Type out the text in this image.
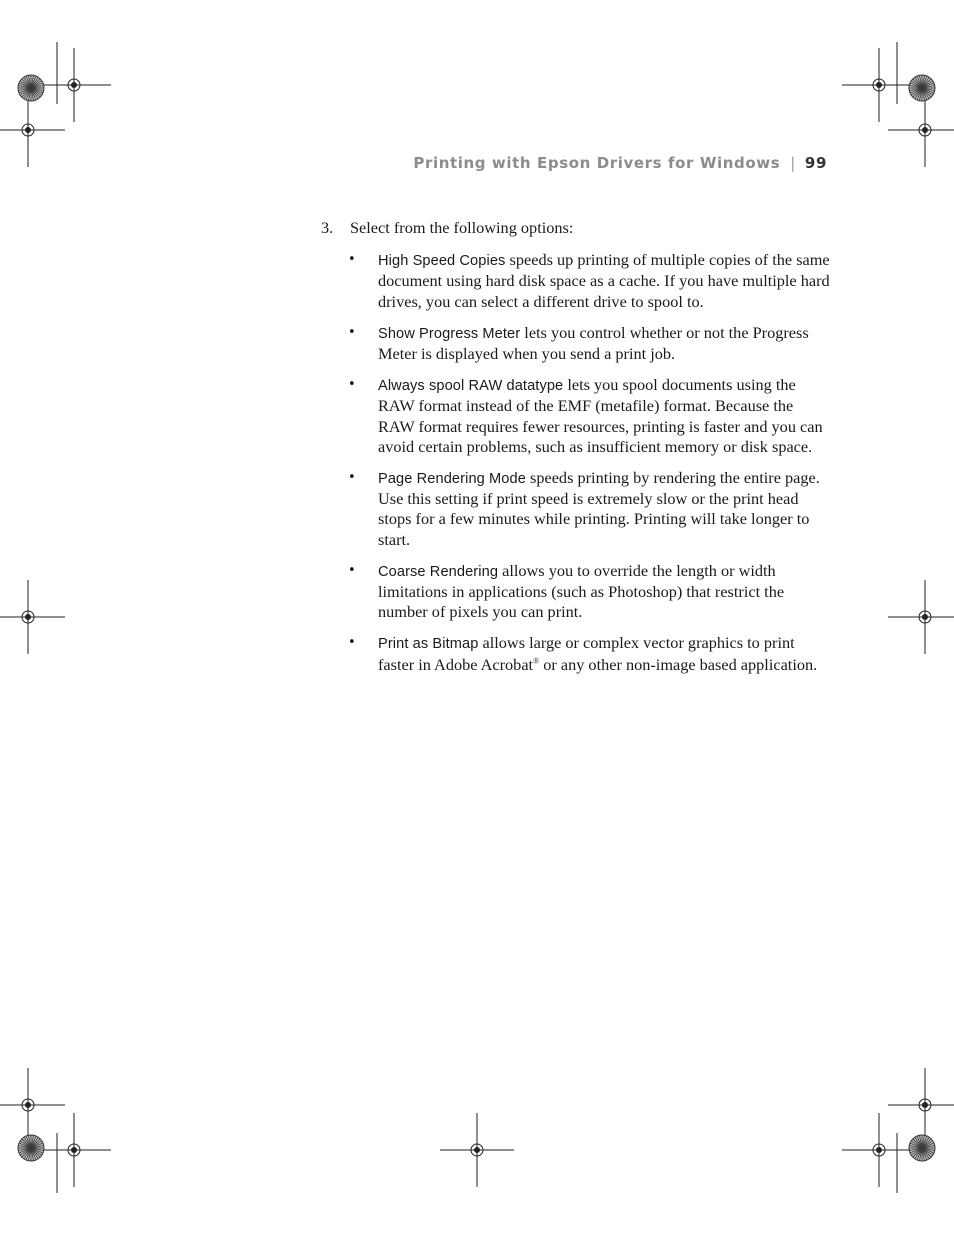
Printing with Epson Drivers for Windows | 99
3. Select from the following options:
• High Speed Copies speeds up printing of multiple copies of the same document using hard disk space as a cache. If you have multiple hard drives, you can select a different drive to spool to.
• Show Progress Meter lets you control whether or not the Progress Meter is displayed when you send a print job.
• Always spool RAW datatype lets you spool documents using the RAW format instead of the EMF (metafile) format. Because the RAW format requires fewer resources, printing is faster and you can avoid certain problems, such as insufficient memory or disk space.
• Page Rendering Mode speeds printing by rendering the entire page. Use this setting if print speed is extremely slow or the print head stops for a few minutes while printing. Printing will take longer to start.
• Coarse Rendering allows you to override the length or width limitations in applications (such as Photoshop) that restrict the number of pixels you can print.
• Print as Bitmap allows large or complex vector graphics to print faster in Adobe Acrobat® or any other non-image based application.
